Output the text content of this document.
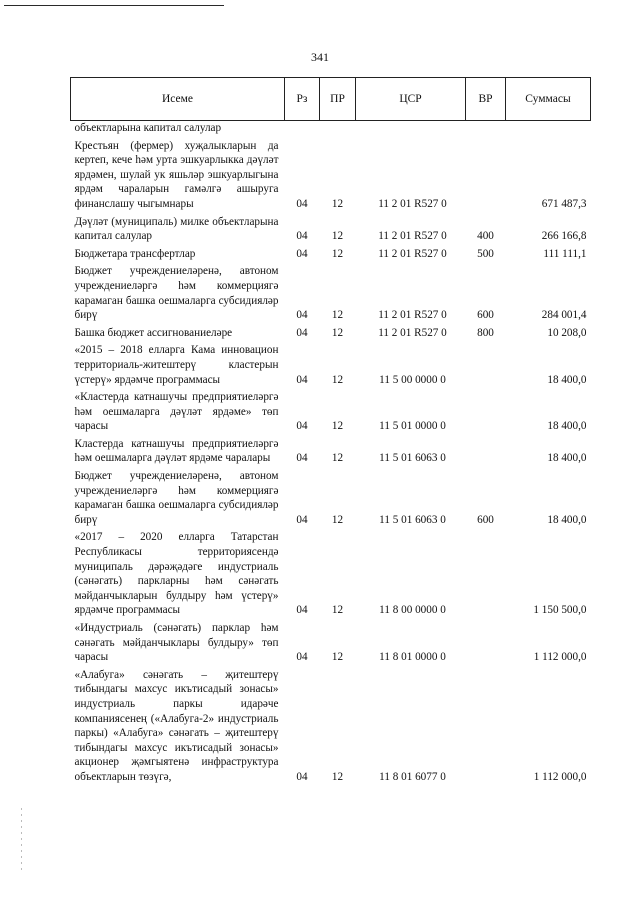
341
Исеме	Рз	ПР	ЦСР	ВР	Суммасы
объектларына капитал салулар					
Крестьян (фермер) хуҗалыкларын да кертеп, кече һәм урта эшкуарлыкка дәүләт ярдәмен, шулай ук яшьләр эшкуарлыгына ярдәм чараларын гамәлгә ашыруга финанслашу чыгымнары	04	12	11 2 01 R527 0		671 487,3
Дәүләт (муниципаль) милке объектларына капитал салулар	04	12	11 2 01 R527 0	400	266 166,8
Бюджетара трансфертлар	04	12	11 2 01 R527 0	500	111 111,1
Бюджет учреждениеләренә, автоном учреждениеләргә һәм коммерциягә карамаган башка оешмаларга субсидияләр бирү	04	12	11 2 01 R527 0	600	284 001,4
Башка бюджет ассигнованиеләре	04	12	11 2 01 R527 0	800	10 208,0
«2015 – 2018 елларга Кама инновацион территориаль-житештерү кластерын үстерү» ярдәмче программасы	04	12	11 5 00 0000 0		18 400,0
«Кластерда катнашучы предприятиеләргә һәм оешмаларга дәүләт ярдәме» төп чарасы	04	12	11 5 01 0000 0		18 400,0
Кластерда катнашучы предприятиеләргә һәм оешмаларга дәүләт ярдәме чаралары	04	12	11 5 01 6063 0		18 400,0
Бюджет учреждениеләренә, автоном учреждениеләргә һәм коммерциягә карамаган башка оешмаларга субсидияләр бирү	04	12	11 5 01 6063 0	600	18 400,0
«2017 – 2020 елларга Татарстан Республикасы территориясендә муниципаль дәрәҗәдәге индустриаль (сәнәгать) паркларны һәм сәнәгать мәйданчыкларын булдыру һәм үстерү» ярдәмче программасы	04	12	11 8 00 0000 0		1 150 500,0
«Индустриаль (сәнәгать) парклар һәм сәнәгать мәйданчыклары булдыру» төп чарасы	04	12	11 8 01 0000 0		1 112 000,0
«Алабуга» сәнәгать – җитештерү тибындагы махсус икътисадый зонасы» индустриаль паркы идарәче компаниясенең («Алабуга-2» индустриаль паркы) «Алабуга» сәнәгать – җитештерү тибындагы махсус икътисадый зонасы» акционер җәмгыятенә инфраструктура объектларын төзүгә,	04	12	11 8 01 6077 0		1 112 000,0
